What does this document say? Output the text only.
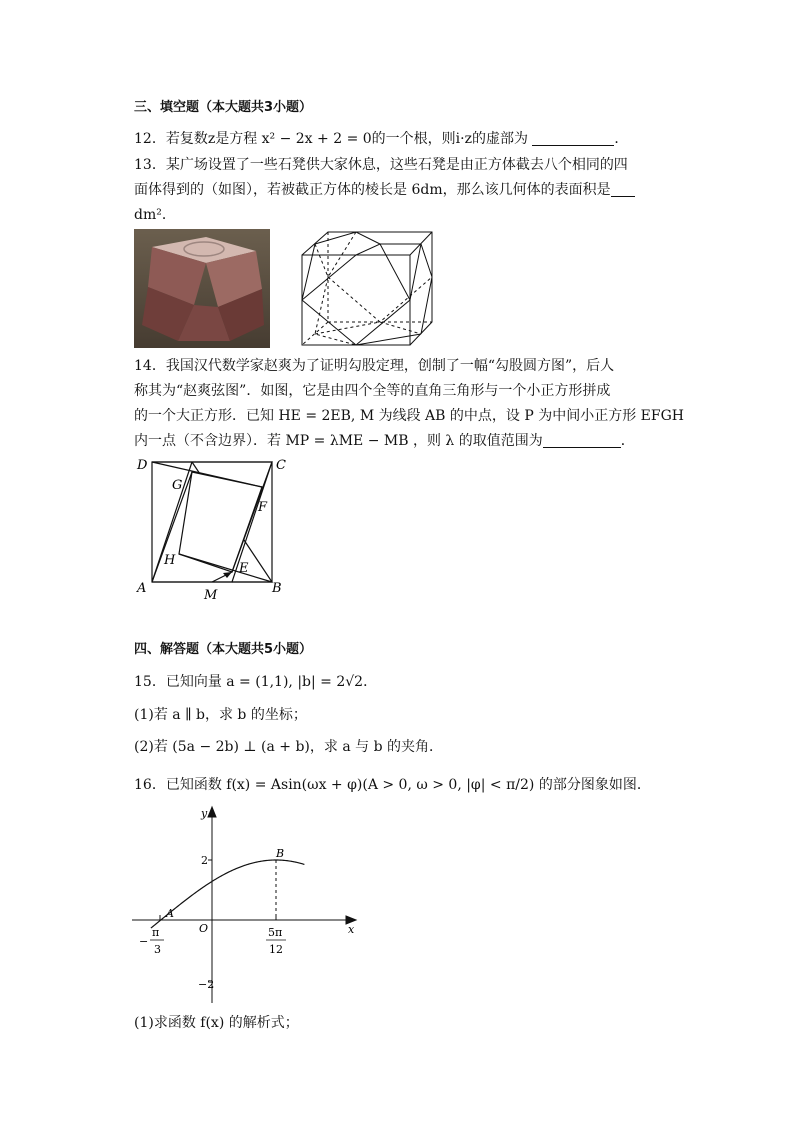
三、填空题（本大题共3小题）
12．若复数z是方程 x² − 2x + 2 = 0的一个根，则i·z的虚部为	．
13．某广场设置了一些石凳供大家休息，这些石凳是由正方体截去八个相同的四
面体得到的（如图），若被截正方体的棱长是 6dm，那么该几何体的表面积是
dm²．
14．我国汉代数学家赵爽为了证明勾股定理，创制了一幅“勾股圆方图”，后人
称其为“赵爽弦图”．如图，它是由四个全等的直角三角形与一个小正方形拼成
的一个大正方形．已知 HE = 2EB, M 为线段 AB 的中点，设 P 为中间小正方形 EFGH
内一点（不含边界）．若 MP = λME − MB ，则 λ 的取值范围为	．
D	C
G
F
H
E
A	B
M
四、解答题（本大题共5小题）
15．已知向量 a = (1,1), |b| = 2√2．
(1)若 a ∥ b，求 b 的坐标；
(2)若 (5a − 2b) ⊥ (a + b)，求 a 与 b 的夹角．
16．已知函数 f(x) = Asin(ωx + φ)(A > 0, ω > 0, |φ| < π/2) 的部分图象如图．
y
x
O
2
−2
A
B
−
π
3
5π
12
(1)求函数 f(x) 的解析式；
